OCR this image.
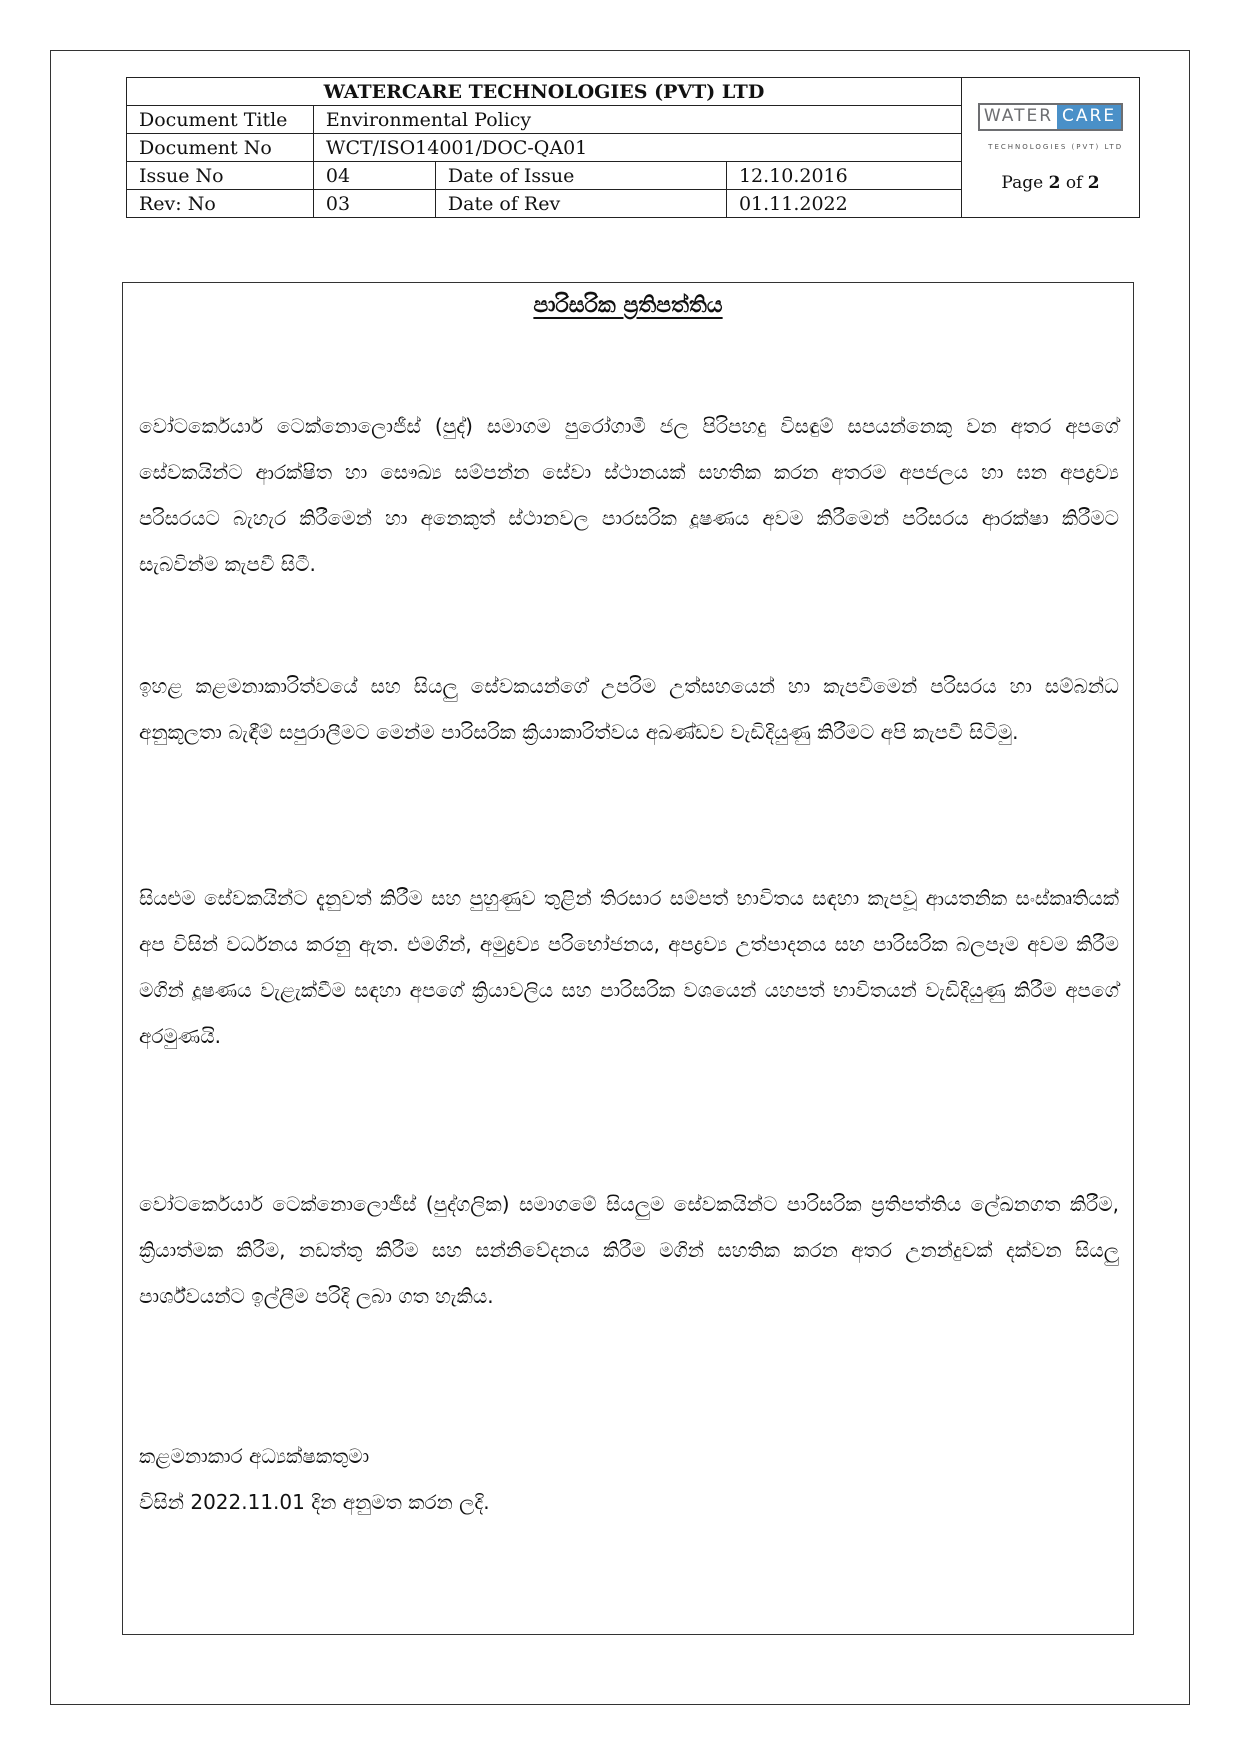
WATERCARE TECHNOLOGIES (PVT) LTD				WATER CARE
TECHNOLOGIES (PVT) LTD
Page 2 of 2

Document Title	Environmental Policy			
Document No	WCT/ISO14001/DOC-QA01			
Issue No	04	Date of Issue	12.10.2016	
Rev: No	03	Date of Rev	01.11.2022	
පාරිසරික ප්‍රතිපත්තිය

වෝටර්කෙයාර් ටෙක්නොලොජීස් (පුද්) සමාගම පුරෝගාමී ජල පිරිපහදු විසඳුම් සපයන්නෙකු වන අතර අපගේ සේවකයින්ට ආරක්ෂිත හා සෞඛ්‍ය සම්පන්න සේවා ස්ථානයක් සහතික කරන අතරම අපජලය හා ඝන අපද්‍රව්‍ය පරිසරයට බැහැර කිරීමෙන් හා අනෙකුත් ස්ථානවල පාරසරික දූෂණය අවම කිරීමෙන් පරිසරය ආරක්ෂා කිරීමට සැබවින්ම කැපවී සිටී.

ඉහළ කළමනාකාරිත්වයේ සහ සියලු සේවකයන්ගේ උපරිම උත්සහයෙන් හා කැපවීමෙන් පරිසරය හා සම්බන්ධ අනුකූලතා බැඳීම් සපුරාලීමට මෙන්ම පාරිසරික ක්‍රියාකාරිත්වය අඛණ්ඩව වැඩිදියුණු කිරීමට අපි කැපවී සිටිමු.

සියළුම සේවකයින්ට දැනුවත් කිරීම සහ පුහුණුව තුළින් තිරසාර සම්පත් භාවිතය සඳහා කැපවූ ආයතනික සංස්කෘතියක් අප විසින් වර්ධනය කරනු ඇත. එමගින්, අමුද්‍රව්‍ය පරිභෝජනය, අපද්‍රව්‍ය උත්පාදනය සහ පාරිසරික බලපෑම අවම කිරීම මගින් දූෂණය වැළැක්වීම සඳහා අපගේ ක්‍රියාවලිය සහ පාරිසරික වශයෙන් යහපත් භාවිතයන් වැඩිදියුණු කිරීම අපගේ අරමුණයි.

වෝටර්කෙයාර් ටෙක්නොලොජීස් (පුද්ගලික) සමාගමේ සියලුම සේවකයින්ට පාරිසරික ප්‍රතිපත්තිය ලේඛනගත කිරීම, ක්‍රියාත්මක කිරීම, නඩත්තු කිරීම සහ සන්නිවේදනය කිරීම මගින් සහතික කරන අතර උනන්දුවක් දක්වන සියලු පාර්ශ්වයන්ට ඉල්ලීම පරිදි ලබා ගත හැකිය.

කළමනාකාර අධ්‍යක්ෂකතුමා
විසින් 2022.11.01 දින අනුමත කරන ලදි.
